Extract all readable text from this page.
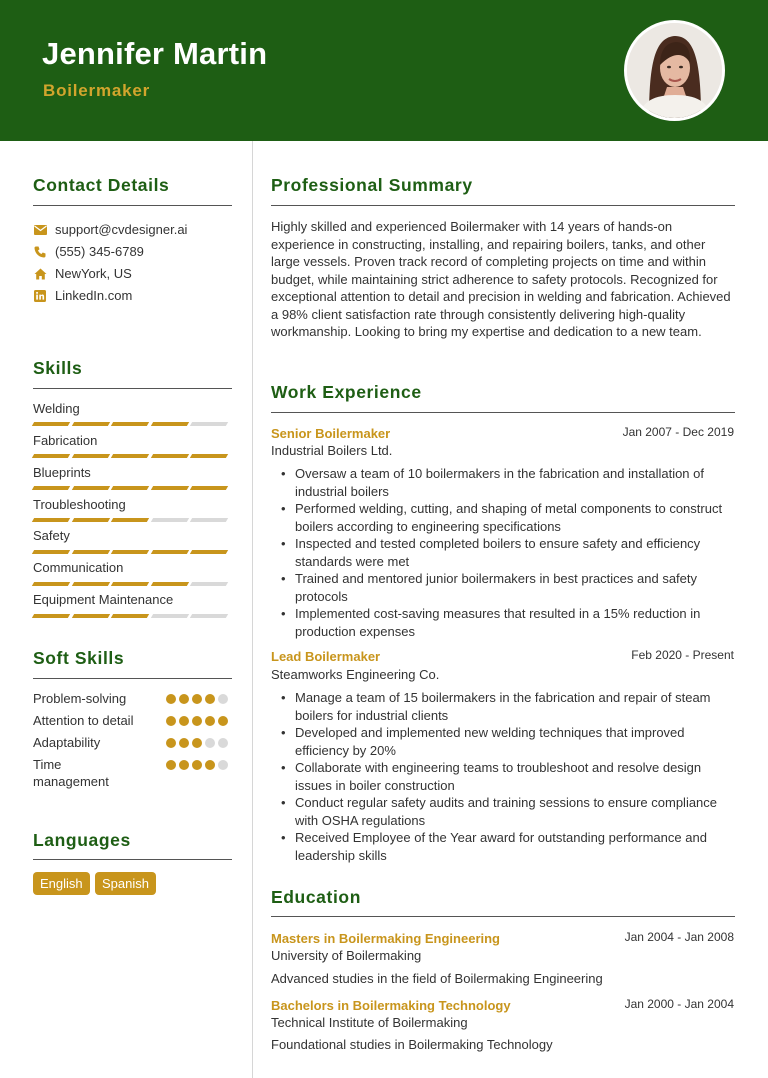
Jennifer Martin
Boilermaker
Contact Details
support@cvdesigner.ai
(555) 345-6789
NewYork, US
LinkedIn.com
Skills
Welding
Fabrication
Blueprints
Troubleshooting
Safety
Communication
Equipment Maintenance
Soft Skills
Problem-solving
Attention to detail
Adaptability
Time management
Languages
English	Spanish
Professional Summary
Highly skilled and experienced Boilermaker with 14 years of hands-on experience in constructing, installing, and repairing boilers, tanks, and other large vessels. Proven track record of completing projects on time and within budget, while maintaining strict adherence to safety protocols. Recognized for exceptional attention to detail and precision in welding and fabrication. Achieved a 98% client satisfaction rate through consistently delivering high-quality workmanship. Looking to bring my expertise and dedication to a new team.
Work Experience
Senior Boilermaker	Jan 2007 - Dec 2019
Industrial Boilers Ltd.
• Oversaw a team of 10 boilermakers in the fabrication and installation of industrial boilers
• Performed welding, cutting, and shaping of metal components to construct boilers according to engineering specifications
• Inspected and tested completed boilers to ensure safety and efficiency standards were met
• Trained and mentored junior boilermakers in best practices and safety protocols
• Implemented cost-saving measures that resulted in a 15% reduction in production expenses
Lead Boilermaker	Feb 2020 - Present
Steamworks Engineering Co.
• Manage a team of 15 boilermakers in the fabrication and repair of steam boilers for industrial clients
• Developed and implemented new welding techniques that improved efficiency by 20%
• Collaborate with engineering teams to troubleshoot and resolve design issues in boiler construction
• Conduct regular safety audits and training sessions to ensure compliance with OSHA regulations
• Received Employee of the Year award for outstanding performance and leadership skills
Education
Masters in Boilermaking Engineering	Jan 2004 - Jan 2008
University of Boilermaking
Advanced studies in the field of Boilermaking Engineering
Bachelors in Boilermaking Technology	Jan 2000 - Jan 2004
Technical Institute of Boilermaking
Foundational studies in Boilermaking Technology
